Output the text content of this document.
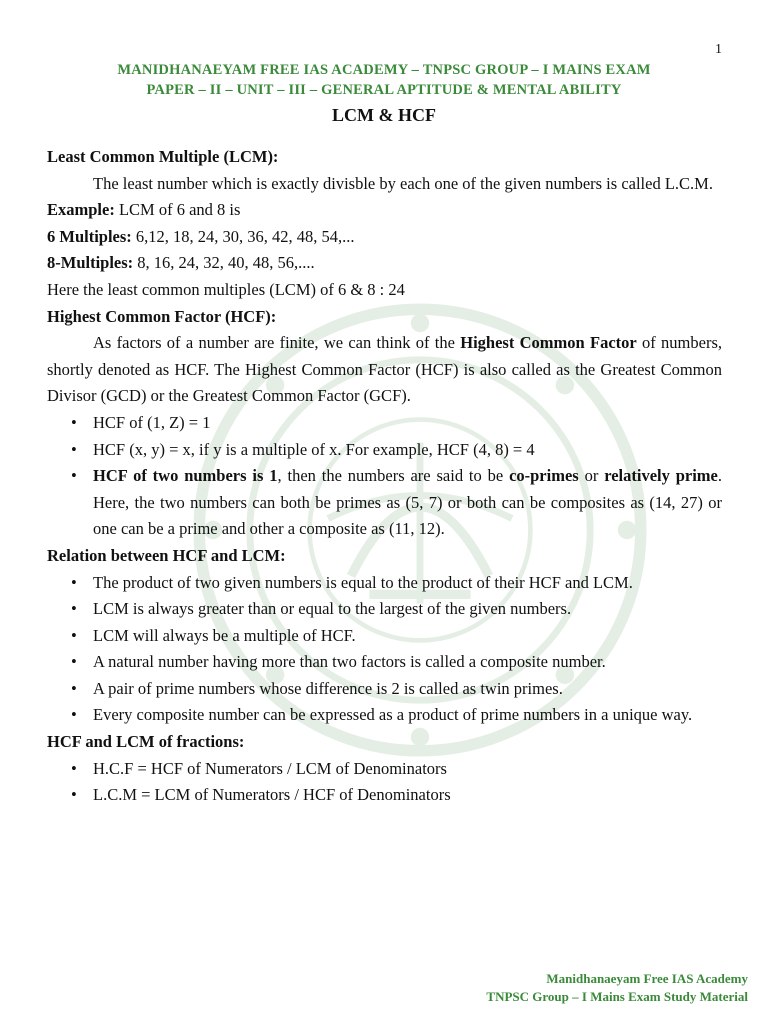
1
MANIDHANAEYAM FREE IAS ACADEMY – TNPSC GROUP – I MAINS EXAM
PAPER – II – UNIT – III – GENERAL APTITUDE & MENTAL ABILITY
LCM & HCF

Least Common Multiple (LCM):

The least number which is exactly divisble by each one of the given numbers is called L.C.M.

Example: LCM of 6 and 8 is

6 Multiples: 6,12, 18, 24, 30, 36, 42, 48, 54,...

8-Multiples: 8, 16, 24, 32, 40, 48, 56,....

Here the least common multiples (LCM) of 6 & 8 : 24

Highest Common Factor (HCF):

As factors of a number are finite, we can think of the Highest Common Factor of numbers, shortly denoted as HCF. The Highest Common Factor (HCF) is also called as the Greatest Common Divisor (GCD) or the Greatest Common Factor (GCF).

• HCF of (1, Z) = 1
• HCF (x, y) = x, if y is a multiple of x. For example, HCF (4, 8) = 4
• HCF of two numbers is 1, then the numbers are said to be co-primes or relatively prime. Here, the two numbers can both be primes as (5, 7) or both can be composites as (14, 27) or one can be a prime and other a composite as (11, 12).

Relation between HCF and LCM:

• The product of two given numbers is equal to the product of their HCF and LCM.
• LCM is always greater than or equal to the largest of the given numbers.
• LCM will always be a multiple of HCF.
• A natural number having more than two factors is called a composite number.
• A pair of prime numbers whose difference is 2 is called as twin primes.
• Every composite number can be expressed as a product of prime numbers in a unique way.

HCF and LCM of fractions:

• H.C.F = HCF of Numerators / LCM of Denominators
• L.C.M = LCM of Numerators / HCF of Denominators
Manidhanaeyam Free IAS Academy
TNPSC Group – I Mains Exam Study Material
